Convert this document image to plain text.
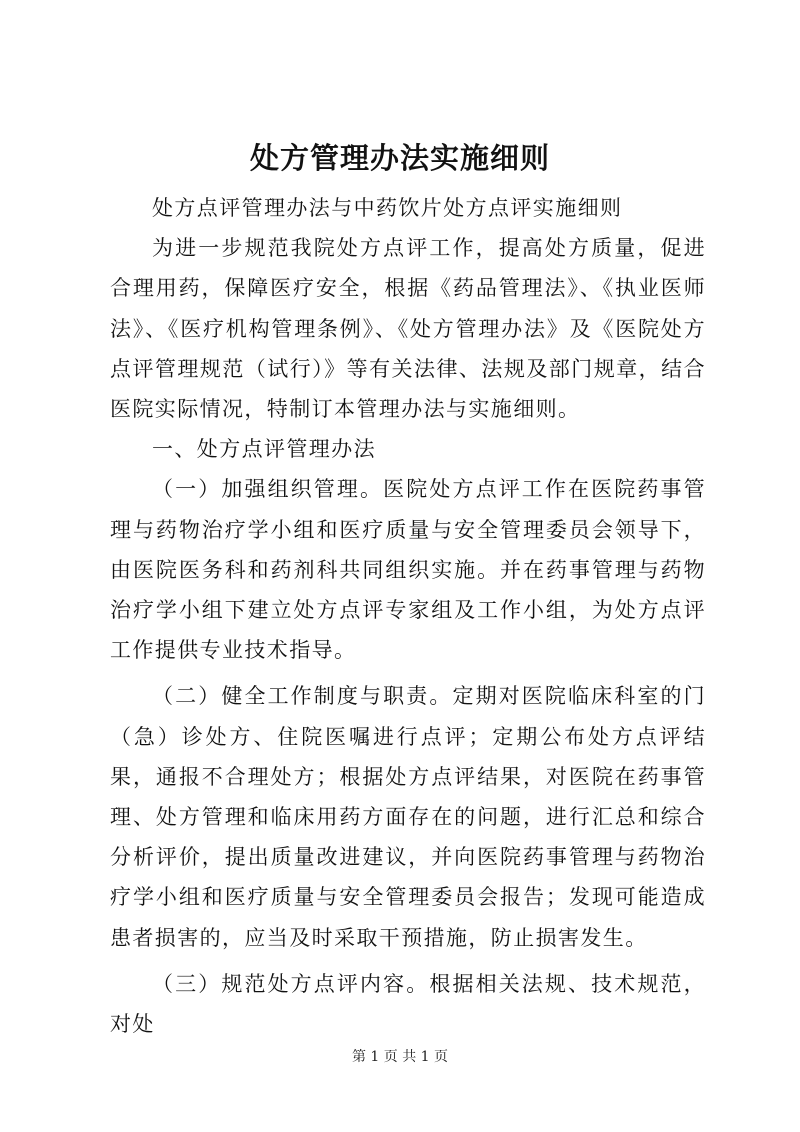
处方管理办法实施细则

处方点评管理办法与中药饮片处方点评实施细则

为进一步规范我院处方点评工作，提高处方质量，促进合理用药，保障医疗安全，根据《药品管理法》、《执业医师法》、《医疗机构管理条例》、《处方管理办法》及《医院处方点评管理规范（试行）》等有关法律、法规及部门规章，结合医院实际情况，特制订本管理办法与实施细则。

一、处方点评管理办法

（一）加强组织管理。医院处方点评工作在医院药事管理与药物治疗学小组和医疗质量与安全管理委员会领导下，由医院医务科和药剂科共同组织实施。并在药事管理与药物治疗学小组下建立处方点评专家组及工作小组，为处方点评工作提供专业技术指导。

（二）健全工作制度与职责。定期对医院临床科室的门（急）诊处方、住院医嘱进行点评；定期公布处方点评结果，通报不合理处方；根据处方点评结果，对医院在药事管理、处方管理和临床用药方面存在的问题，进行汇总和综合分析评价，提出质量改进建议，并向医院药事管理与药物治疗学小组和医疗质量与安全管理委员会报告；发现可能造成患者损害的，应当及时采取干预措施，防止损害发生。

（三）规范处方点评内容。根据相关法规、技术规范，对处

第 1 页 共 1 页
